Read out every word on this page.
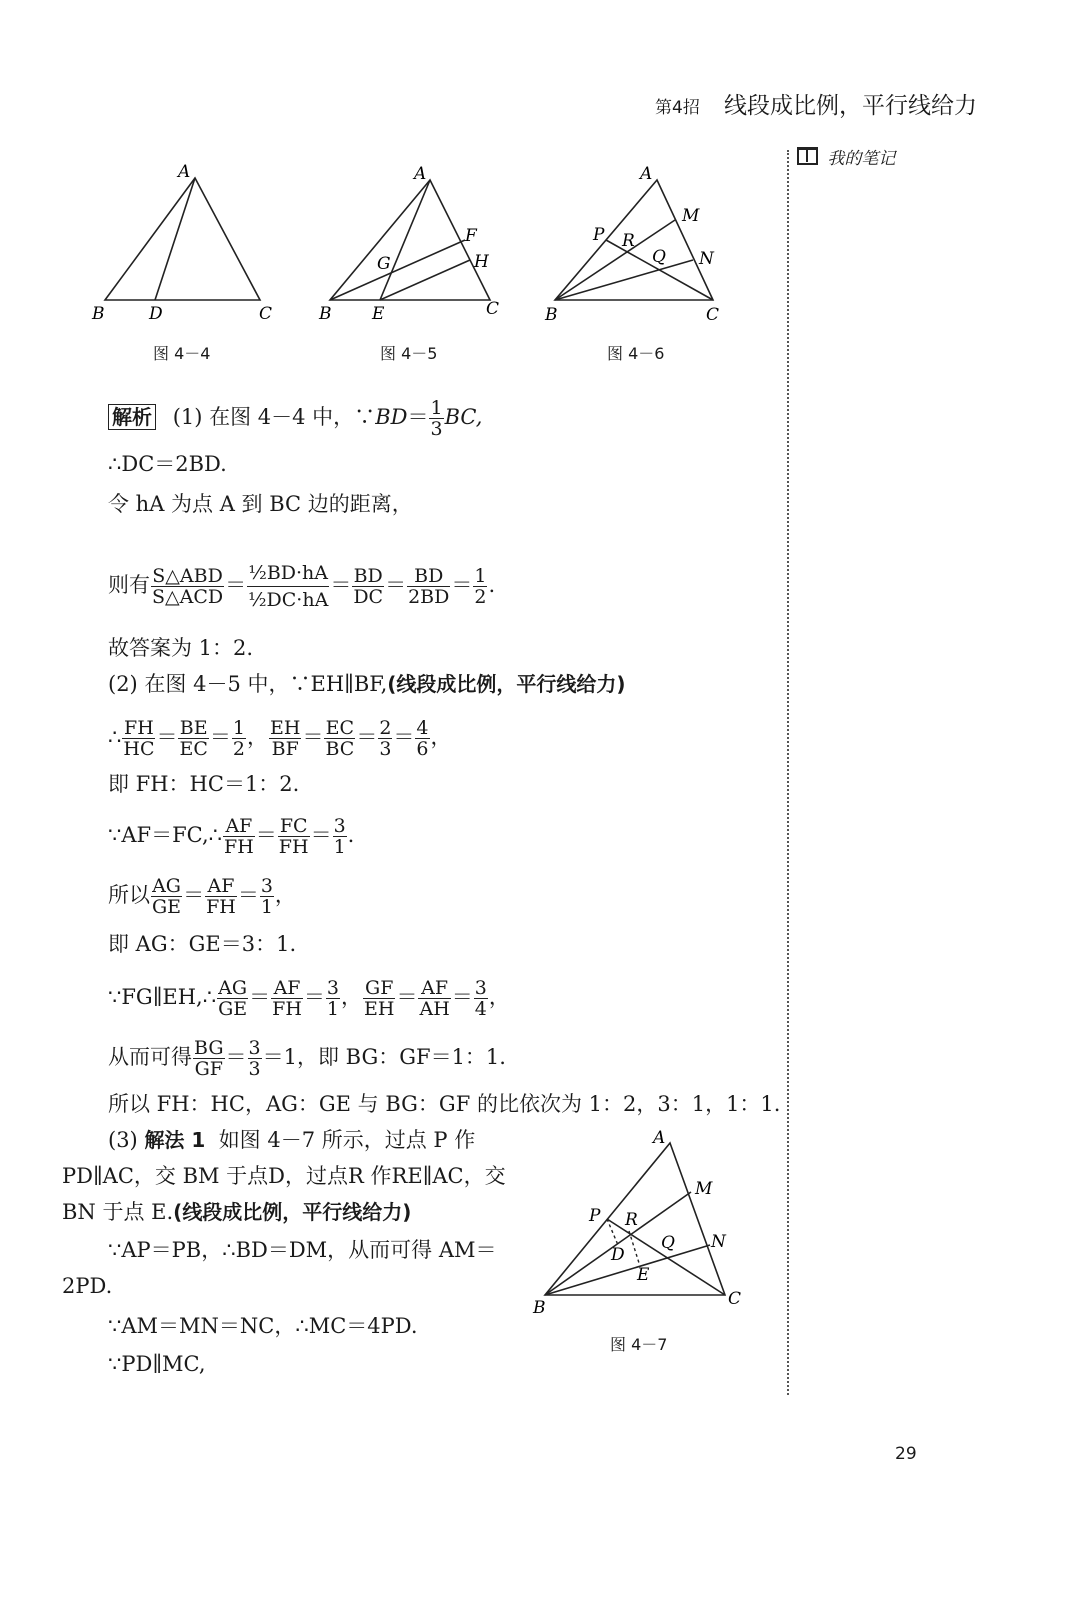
第4招 线段成比例，平行线给力
我的笔记
A
B	D	C
图 4－4
A
F
G	H
B E	C
图 4－5
A
M
P R
Q N
B	C
图 4－6
A
M
P R
Q N
D
E
B	C
图 4－7
解析 (1) 在图 4－4 中，∵BD＝ $\frac{1}{3}$ BC,
∴DC＝2BD.
令 hA 为点 A 到 BC 边的距离，
则有 $\frac{\text{S△ABD}}{\text{S△ACD}} = \frac{\text{½BD·hA}}{\text{½DC·hA}} = \frac{BD}{DC} = \frac{BD}{2BD} = \frac{1}{2}$ .
故答案为 1：2.
(2) 在图 4－5 中，∵EH∥BF,(线段成比例，平行线给力)
∴ $\frac{FH}{HC} = \frac{BE}{EC} = \frac{1}{2}$ ， $\frac{EH}{BF} = \frac{EC}{BC} = \frac{2}{3} = \frac{4}{6}$ ，
即 FH：HC＝1：2.
∵AF＝FC,∴ $\frac{AF}{FH} = \frac{FC}{FH} = \frac{3}{1}$ .
所以 $\frac{AG}{GE} = \frac{AF}{FH} = \frac{3}{1}$ ，
即 AG：GE＝3：1.
∵FG∥EH,∴ $\frac{AG}{GE} = \frac{AF}{FH} = \frac{3}{1}$ ， $\frac{GF}{EH} = \frac{AF}{AH} = \frac{3}{4}$ ，
从而可得 $\frac{BG}{GF} = \frac{3}{3} =1$，即 BG：GF＝1：1.
所以 FH：HC，AG：GE 与 BG：GF 的比依次为 1：2，3：1，1：1.
(3) 解法 1 如图 4－7 所示，过点 P 作
PD∥AC，交 BM 于点D，过点R 作RE∥AC，交
BN 于点 E.(线段成比例，平行线给力)
∵AP＝PB，∴BD＝DM，从而可得 AM＝
2PD.
∵AM＝MN＝NC，∴MC＝4PD.
∵PD∥MC,
29
